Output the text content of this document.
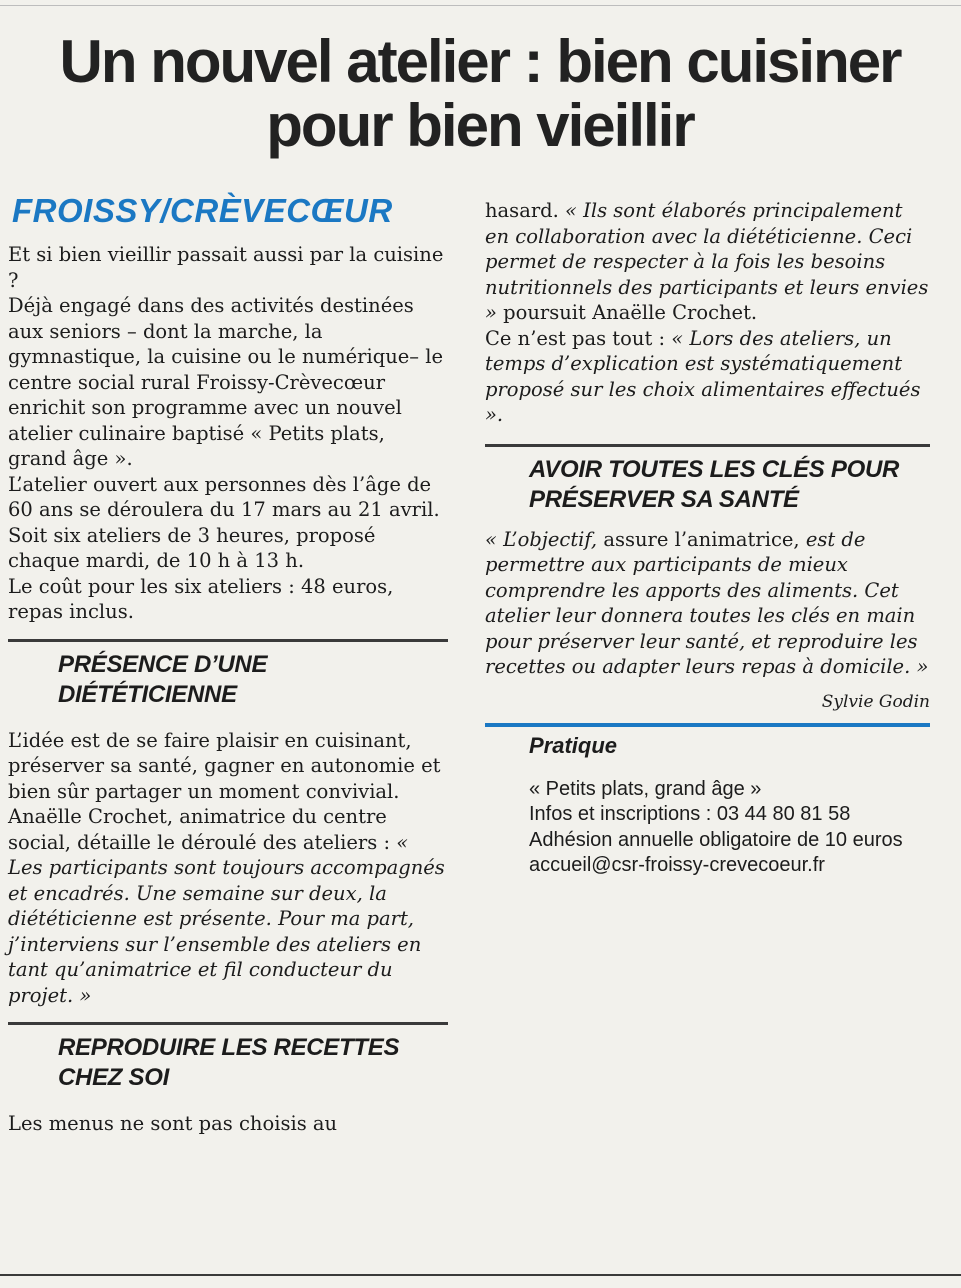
Un nouvel atelier : bien cuisiner
pour bien vieillir
FROISSY/CRÈVECŒUR

Et si bien vieillir passait aussi par la cuisine ?

Déjà engagé dans des activités destinées aux seniors – dont la marche, la gymnastique, la cuisine ou le numérique– le centre social rural Froissy-Crèvecœur enrichit son programme avec un nouvel atelier culinaire baptisé « Petits plats, grand âge ».

L’atelier ouvert aux personnes dès l’âge de 60 ans se déroulera du 17 mars au 21 avril. Soit six ateliers de 3 heures, proposé chaque mardi, de 10 h à 13 h.

Le coût pour les six ateliers : 48 euros, repas inclus.

PRÉSENCE D’UNE DIÉTÉTICIENNE

L’idée est de se faire plaisir en cuisinant, préserver sa santé, gagner en autonomie et bien sûr partager un moment convivial.

Anaëlle Crochet, animatrice du centre social, détaille le déroulé des ateliers : « Les participants sont toujours accompagnés et encadrés. Une semaine sur deux, la diététicienne est présente. Pour ma part, j’interviens sur l’ensemble des ateliers en tant qu’animatrice et fil conducteur du projet. »

REPRODUIRE LES RECETTES CHEZ SOI

Les menus ne sont pas choisis au

hasard. « Ils sont élaborés principalement en collaboration avec la diététicienne. Ceci permet de respecter à la fois les besoins nutritionnels des participants et leurs envies » poursuit Anaëlle Crochet.

Ce n’est pas tout : « Lors des ateliers, un temps d’explication est systématiquement proposé sur les choix alimentaires effectués ».

AVOIR TOUTES LES CLÉS POUR PRÉSERVER SA SANTÉ

« L’objectif, assure l’animatrice, est de permettre aux participants de mieux comprendre les apports des aliments. Cet atelier leur donnera toutes les clés en main pour préserver leur santé, et reproduire les recettes ou adapter leurs repas à domicile. »

Sylvie Godin
Pratique

« Petits plats, grand âge »

Infos et inscriptions : 03 44 80 81 58

Adhésion annuelle obligatoire de 10 euros

accueil@csr-froissy-crevecoeur.fr
